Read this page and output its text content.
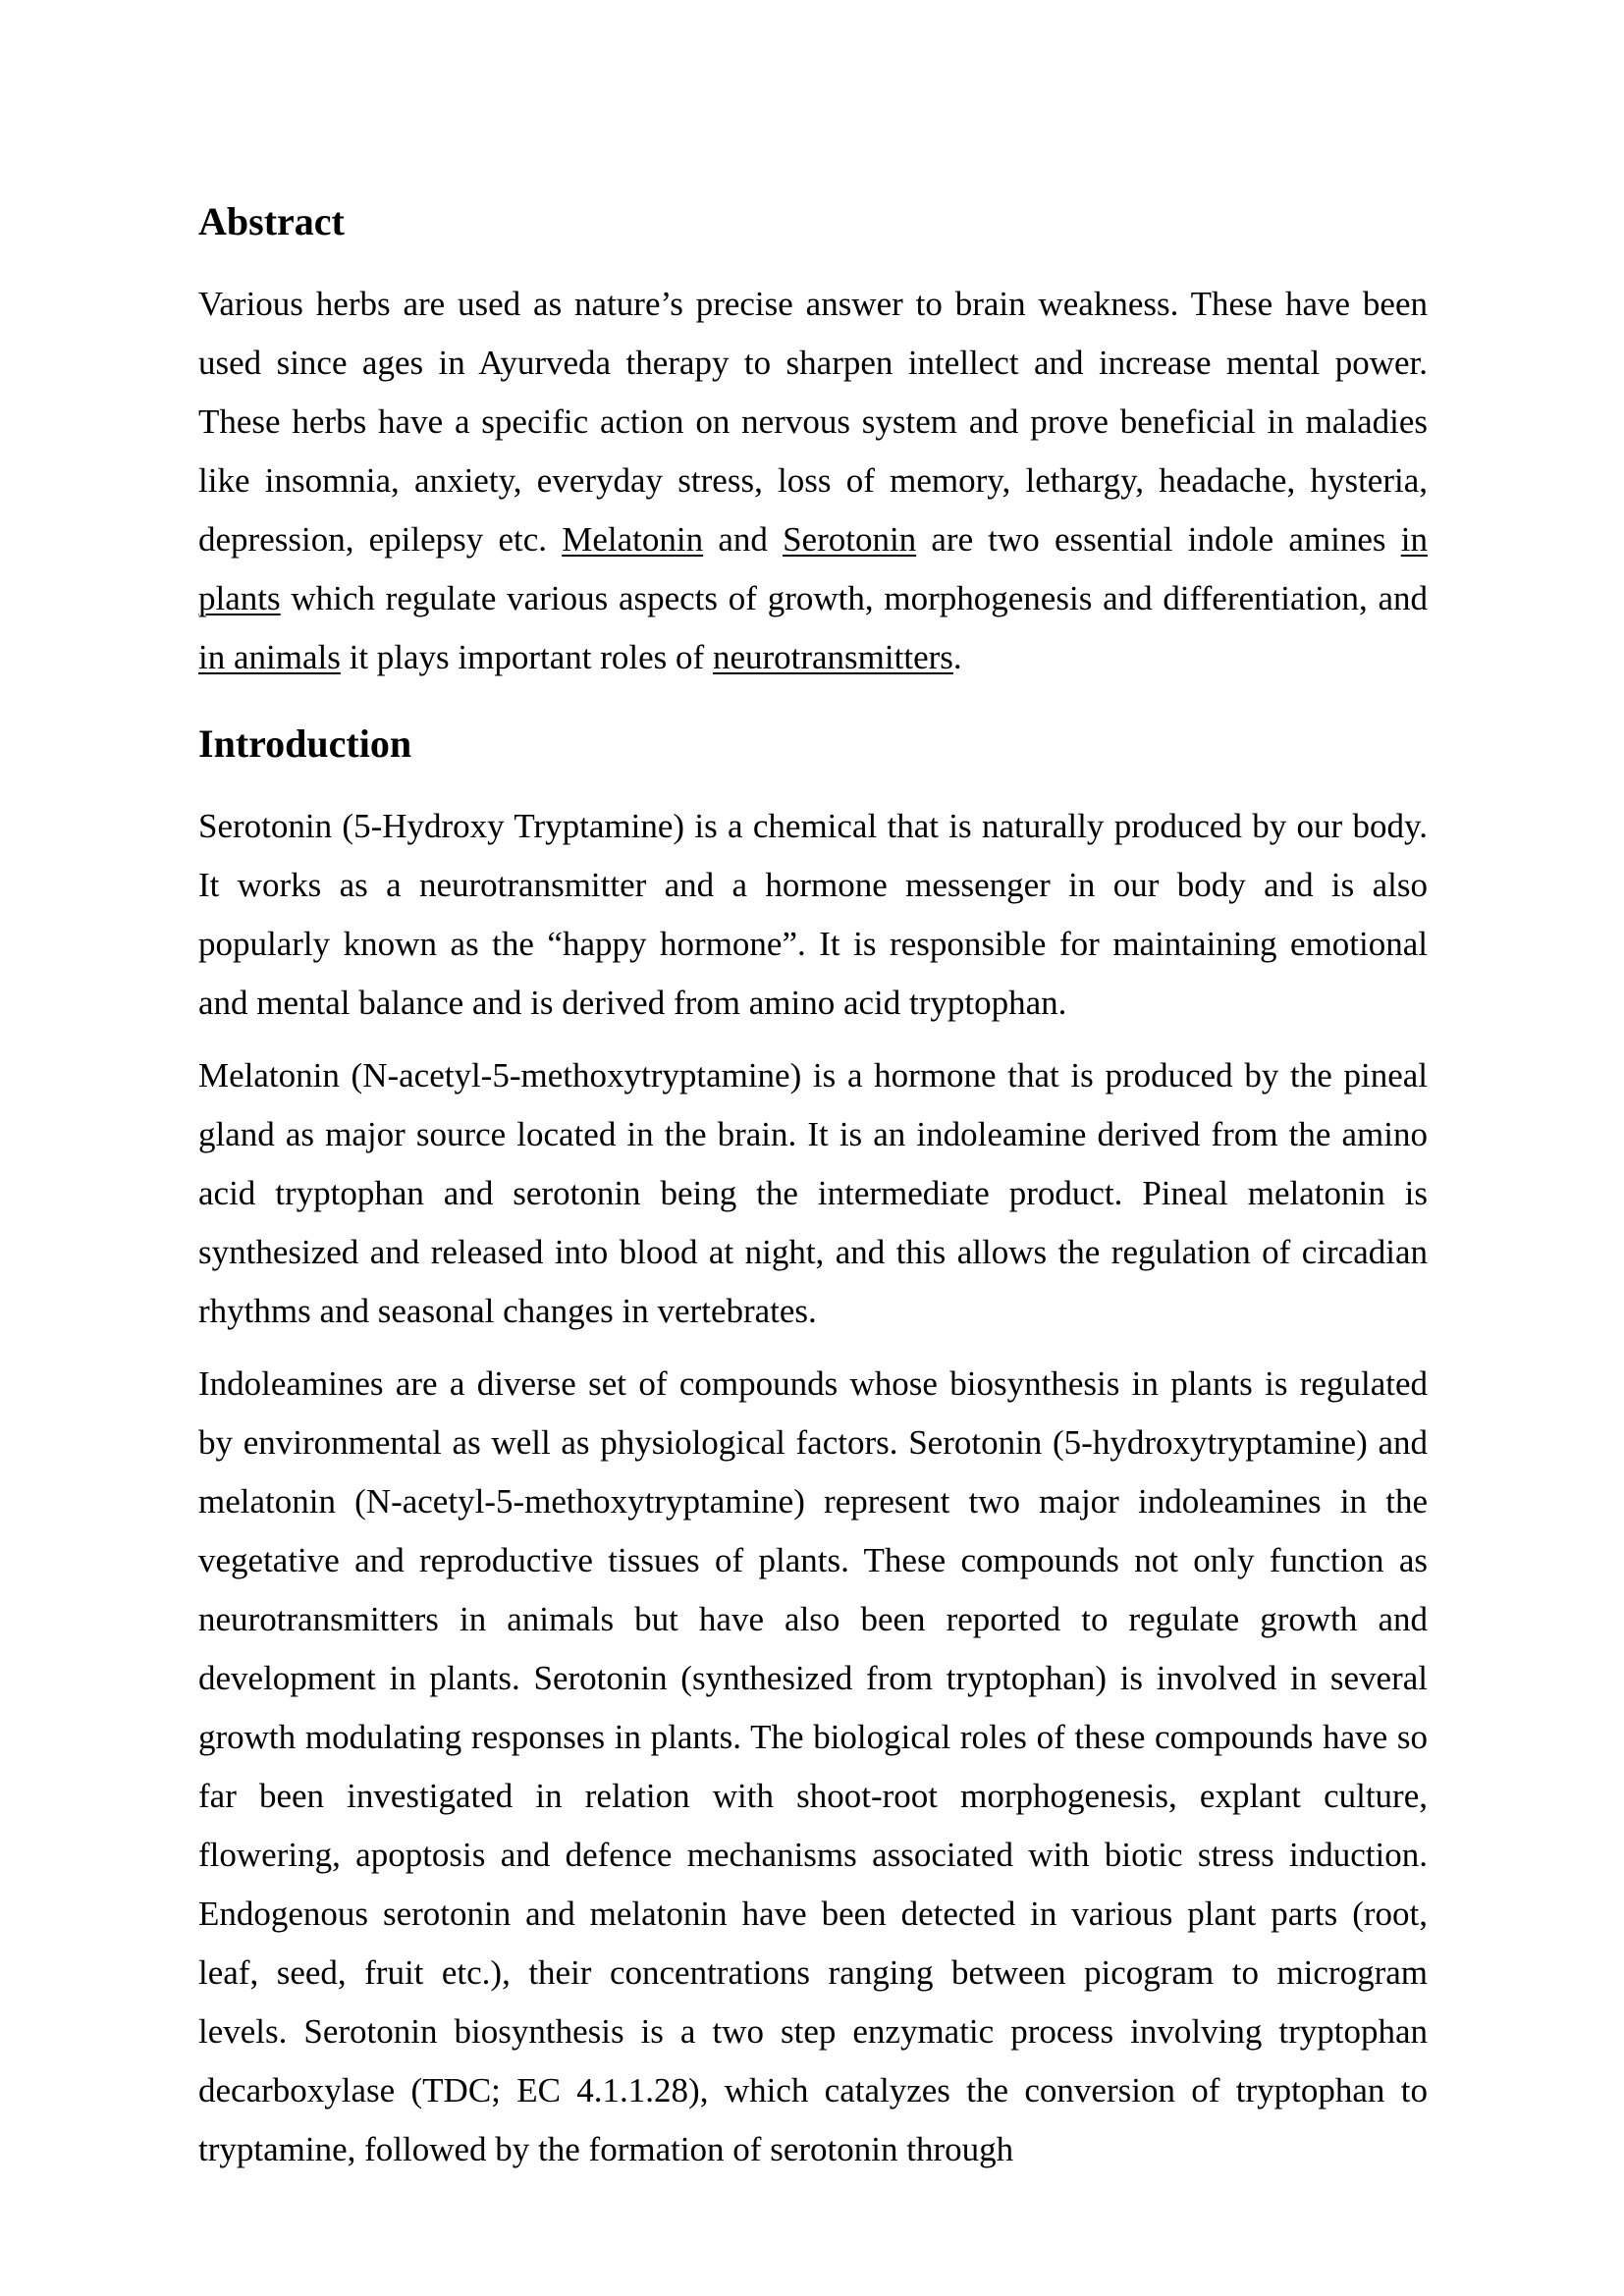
Abstract

Various herbs are used as nature’s precise answer to brain weakness. These have been used since ages in Ayurveda therapy to sharpen intellect and increase mental power. These herbs have a specific action on nervous system and prove beneficial in maladies like insomnia, anxiety, everyday stress, loss of memory, lethargy, headache, hysteria, depression, epilepsy etc. Melatonin and Serotonin are two essential indole amines in plants which regulate various aspects of growth, morphogenesis and differentiation, and in animals it plays important roles of neurotransmitters.

Introduction

Serotonin (5-Hydroxy Tryptamine) is a chemical that is naturally produced by our body. It works as a neurotransmitter and a hormone messenger in our body and is also popularly known as the “happy hormone”. It is responsible for maintaining emotional and mental balance and is derived from amino acid tryptophan.

Melatonin (N-acetyl-5-methoxytryptamine) is a hormone that is produced by the pineal gland as major source located in the brain. It is an indoleamine derived from the amino acid tryptophan and serotonin being the intermediate product. Pineal melatonin is synthesized and released into blood at night, and this allows the regulation of circadian rhythms and seasonal changes in vertebrates.

Indoleamines are a diverse set of compounds whose biosynthesis in plants is regulated by environmental as well as physiological factors. Serotonin (5-hydroxytryptamine) and melatonin (N-acetyl-5-methoxytryptamine) represent two major indoleamines in the vegetative and reproductive tissues of plants. These compounds not only function as neurotransmitters in animals but have also been reported to regulate growth and development in plants. Serotonin (synthesized from tryptophan) is involved in several growth modulating responses in plants. The biological roles of these compounds have so far been investigated in relation with shoot-root morphogenesis, explant culture, flowering, apoptosis and defence mechanisms associated with biotic stress induction. Endogenous serotonin and melatonin have been detected in various plant parts (root, leaf, seed, fruit etc.), their concentrations ranging between picogram to microgram levels. Serotonin biosynthesis is a two step enzymatic process involving tryptophan decarboxylase (TDC; EC 4.1.1.28), which catalyzes the conversion of tryptophan to tryptamine, followed by the formation of serotonin through
